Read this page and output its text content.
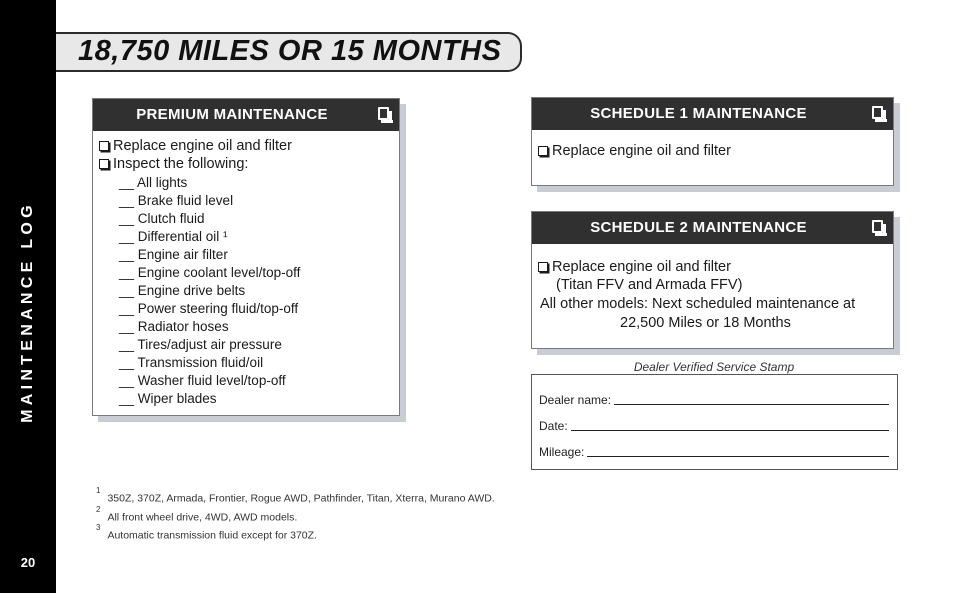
MAINTENANCE LOG
20
18,750 MILES OR 15 MONTHS
PREMIUM MAINTENANCE
Replace engine oil and filter
Inspect the following:
__ All lights
__ Brake fluid level
__ Clutch fluid
__ Differential oil ¹
__ Engine air filter
__ Engine coolant level/top-off
__ Engine drive belts
__ Power steering fluid/top-off
__ Radiator hoses
__ Tires/adjust air pressure
__ Transmission fluid/oil
__ Washer fluid level/top-off
__ Wiper blades
SCHEDULE 1 MAINTENANCE
Replace engine oil and filter
SCHEDULE 2 MAINTENANCE
Replace engine oil and filter
(Titan FFV and Armada FFV)
All other models: Next scheduled maintenance at
22,500 Miles or 18 Months
Dealer Verified Service Stamp
Dealer name:
Date:
Mileage:
$^1$350Z, 370Z, Armada, Frontier, Rogue AWD, Pathfinder, Titan, Xterra, Murano AWD.
$^2$All front wheel drive, 4WD, AWD models.
$^3$Automatic transmission fluid except for 370Z.
